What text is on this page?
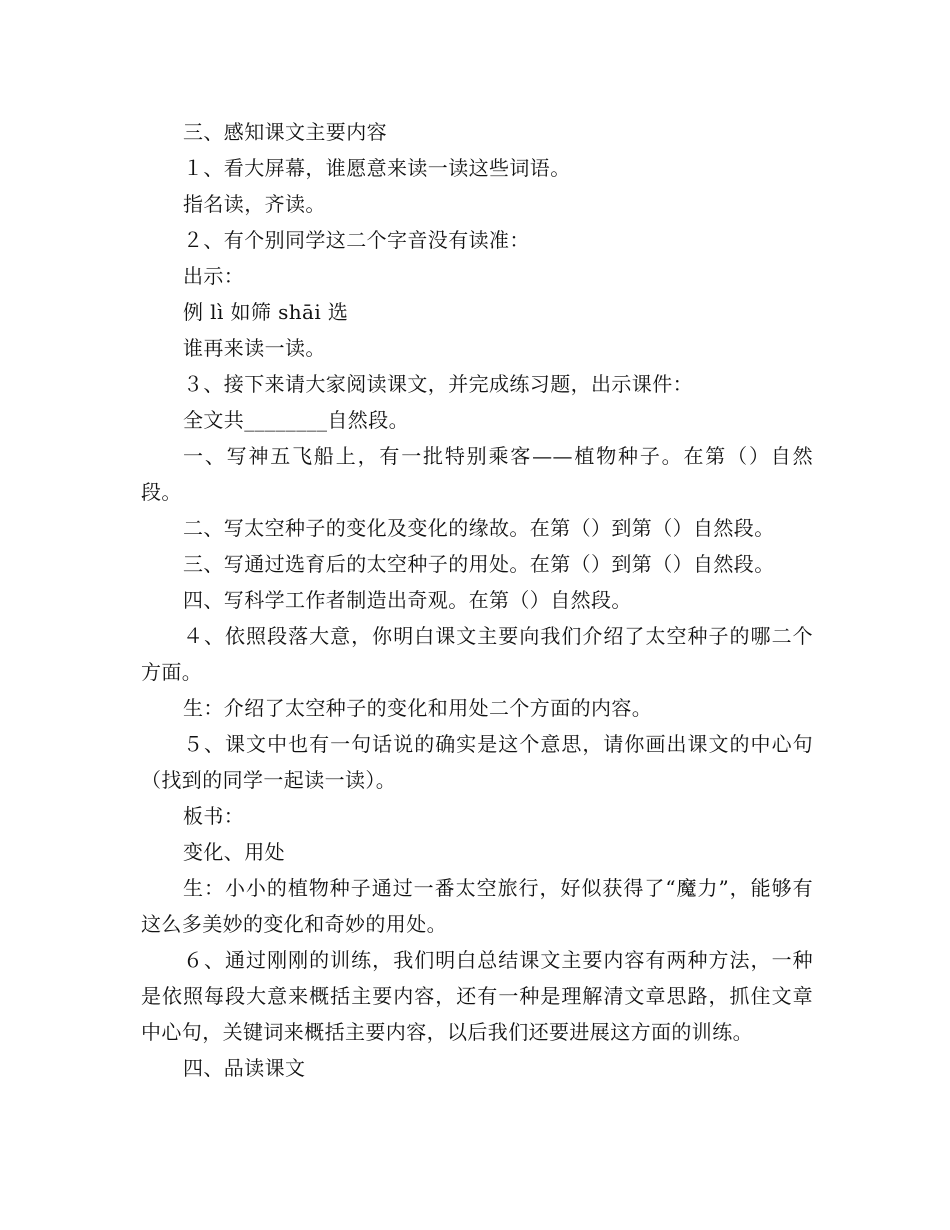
三、感知课文主要内容

１、看大屏幕，谁愿意来读一读这些词语。

指名读，齐读。

２、有个别同学这二个字音没有读准：

出示：

例 lì 如筛 shāi 选

谁再来读一读。

３、接下来请大家阅读课文，并完成练习题，出示课件：

全文共________自然段。

一、写神五飞船上，有一批特别乘客——植物种子。在第（）自然段。

二、写太空种子的变化及变化的缘故。在第（）到第（）自然段。

三、写通过选育后的太空种子的用处。在第（）到第（）自然段。

四、写科学工作者制造出奇观。在第（）自然段。

４、依照段落大意，你明白课文主要向我们介绍了太空种子的哪二个方面。

生：介绍了太空种子的变化和用处二个方面的内容。

５、课文中也有一句话说的确实是这个意思，请你画出课文的中心句（找到的同学一起读一读）。

板书：

变化、用处

生：小小的植物种子通过一番太空旅行，好似获得了“魔力”，能够有这么多美妙的变化和奇妙的用处。

６、通过刚刚的训练，我们明白总结课文主要内容有两种方法，一种是依照每段大意来概括主要内容，还有一种是理解清文章思路，抓住文章中心句，关键词来概括主要内容，以后我们还要进展这方面的训练。

四、品读课文
